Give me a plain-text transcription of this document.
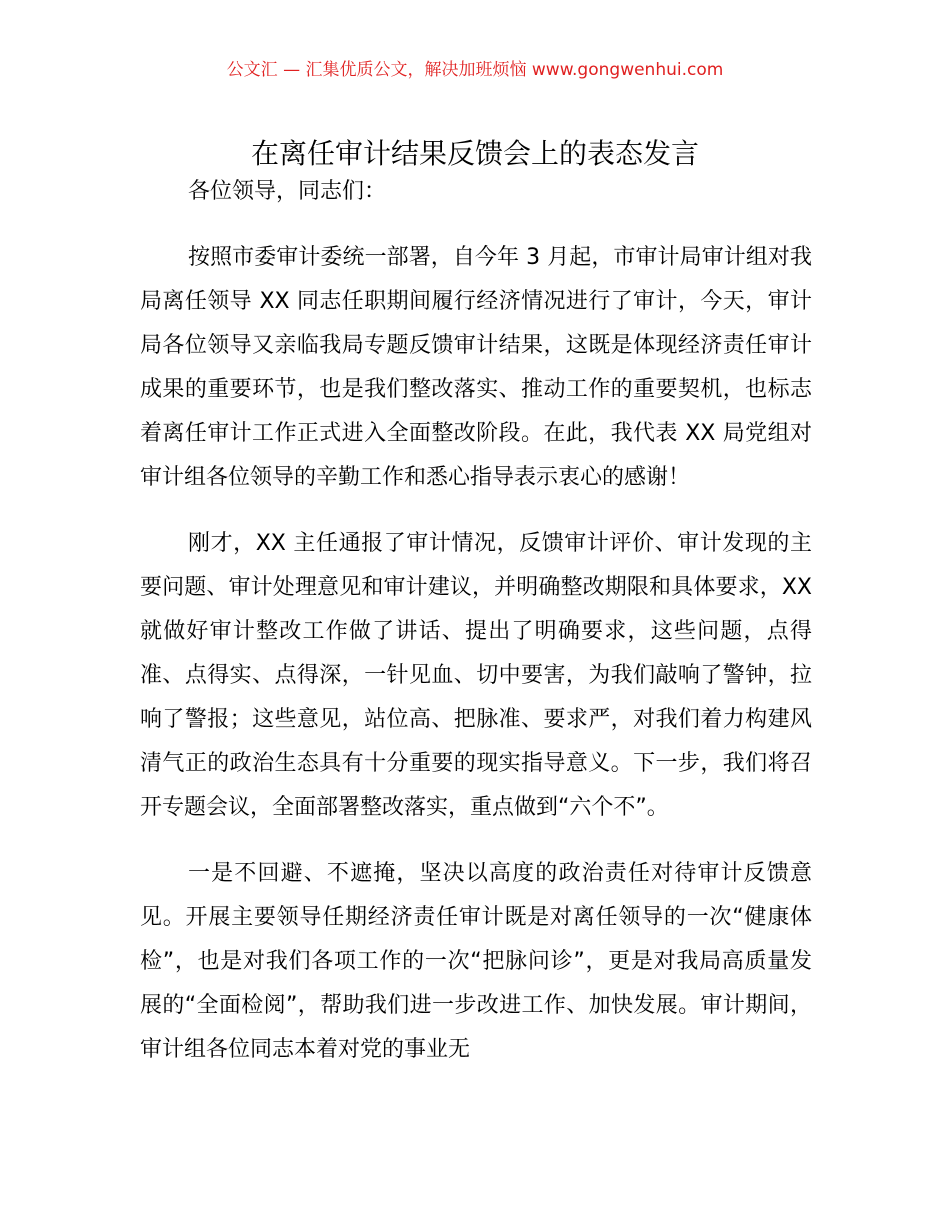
公文汇 — 汇集优质公文，解决加班烦恼 www.gongwenhui.com
在离任审计结果反馈会上的表态发言

各位领导，同志们：

按照市委审计委统一部署，自今年 3 月起，市审计局审计组对我局离任领导 XX 同志任职期间履行经济情况进行了审计，今天，审计局各位领导又亲临我局专题反馈审计结果，这既是体现经济责任审计成果的重要环节，也是我们整改落实、推动工作的重要契机，也标志着离任审计工作正式进入全面整改阶段。在此，我代表 XX 局党组对审计组各位领导的辛勤工作和悉心指导表示衷心的感谢！

刚才，XX 主任通报了审计情况，反馈审计评价、审计发现的主要问题、审计处理意见和审计建议，并明确整改期限和具体要求，XX 就做好审计整改工作做了讲话、提出了明确要求，这些问题，点得准、点得实、点得深，一针见血、切中要害，为我们敲响了警钟，拉响了警报；这些意见，站位高、把脉准、要求严，对我们着力构建风清气正的政治生态具有十分重要的现实指导意义。下一步，我们将召开专题会议，全面部署整改落实，重点做到“六个不”。

一是不回避、不遮掩，坚决以高度的政治责任对待审计反馈意见。开展主要领导任期经济责任审计既是对离任领导的一次“健康体检”，也是对我们各项工作的一次“把脉问诊”，更是对我局高质量发展的“全面检阅”，帮助我们进一步改进工作、加快发展。审计期间，审计组各位同志本着对党的事业无
